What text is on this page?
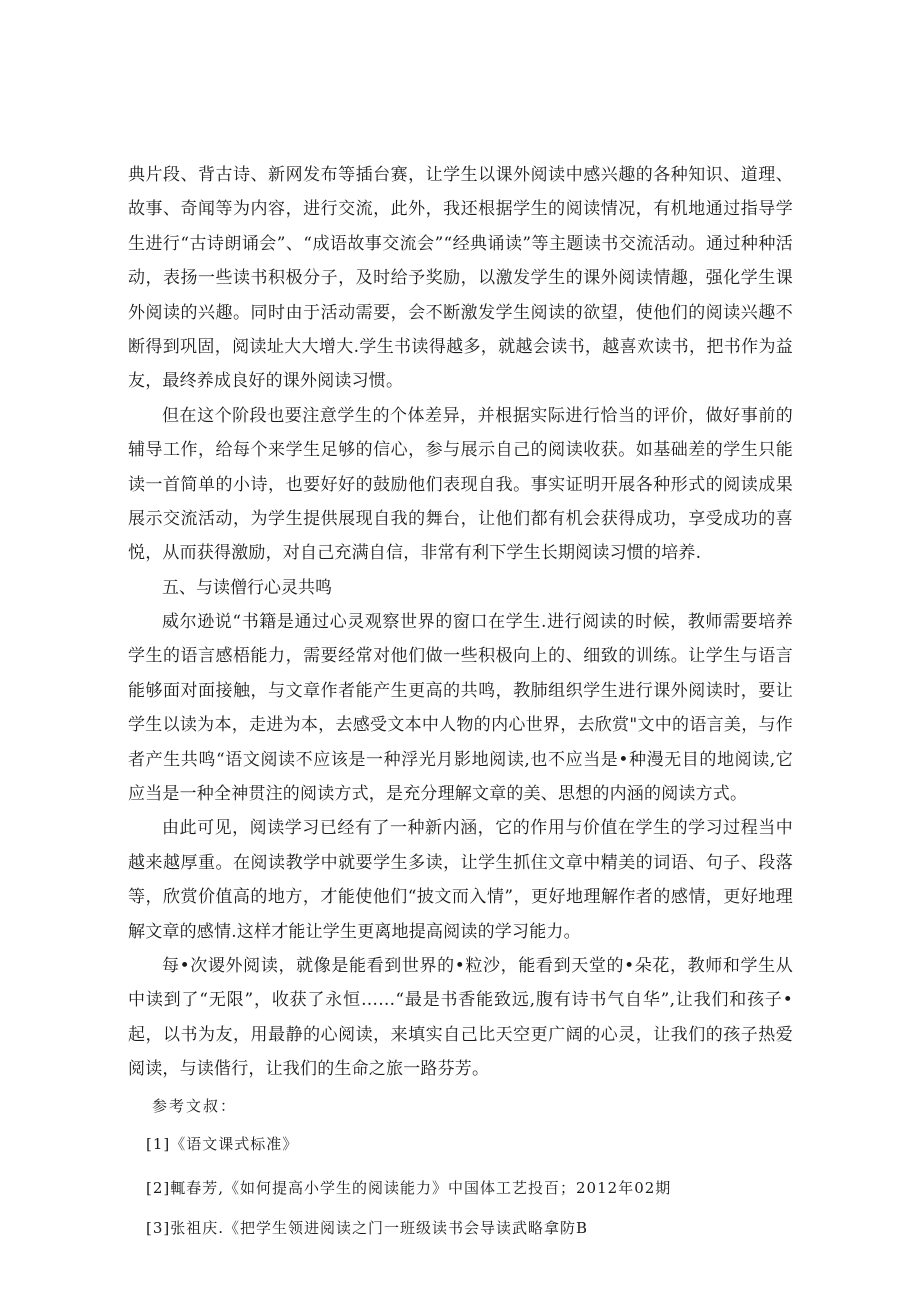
典片段、背古诗、新网发布等插台赛，让学生以课外阅读中感兴趣的各种知识、道理、故事、奇闻等为内容，进行交流，此外，我还根据学生的阅读情况，有机地通过指导学生进行“古诗朗诵会”、“成语故事交流会”“经典诵读”等主题读书交流活动。通过种种活动，表扬一些读书积极分子，及时给予奖励，以激发学生的课外阅读情趣，强化学生课外阅读的兴趣。同时由于活动需要，会不断激发学生阅读的欲望，使他们的阅读兴趣不断得到巩固，阅读址大大增大.学生书读得越多，就越会读书，越喜欢读书，把书作为益友，最终养成良好的课外阅读习惯。

但在这个阶段也要注意学生的个体差异，并根据实际进行恰当的评价，做好事前的辅导工作，给每个来学生足够的信心，参与展示自己的阅读收获。如基础差的学生只能读一首简单的小诗，也要好好的鼓励他们表现自我。事实证明开展各种形式的阅读成果展示交流活动，为学生提供展现自我的舞台，让他们都有机会获得成功，享受成功的喜悦，从而获得激励，对自己充满自信，非常有利下学生长期阅读习惯的培养.

五、与读僧行心灵共鸣

威尔逊说“书籍是通过心灵观察世界的窗口在学生.进行阅读的时候，教师需要培养学生的语言感梧能力，需要经常对他们做一些积极向上的、细致的训练。让学生与语言能够面对面接触，与文章作者能产生更高的共鸣，教肺组织学生进行课外阅读时，要让学生以读为本，走进为本，去感受文本中人物的内心世界，去欣赏"文中的语言美，与作者产生共鸣“语文阅读不应该是一种浮光月影地阅读,也不应当是•种漫无目的地阅读,它应当是一种全神贯注的阅读方式，是充分理解文章的美、思想的内涵的阅读方式。

由此可见，阅读学习已经有了一种新内涵，它的作用与价值在学生的学习过程当中越来越厚重。在阅读教学中就要学生多读，让学生抓住文章中精美的词语、句子、段落等，欣赏价值高的地方，才能使他们“披文而入情”，更好地理解作者的感情，更好地理解文章的感情.这样才能让学生更离地提高阅读的学习能力。

每•次谡外阅读，就像是能看到世界的•粒沙，能看到天堂的•朵花，教师和学生从中读到了“无限”，收获了永恒……“最是书香能致远,腹有诗书气自华”,让我们和孩子•起，以书为友，用最静的心阅读，来填实自己比天空更广阔的心灵，让我们的孩子热爱阅读，与读偕行，让我们的生命之旅一路芬芳。

参考文叔：

[1]《语文课式标准》

[2]輒春芳,《如何提高小学生的阅读能力》中国体工艺投百；2012年02期

[3]张祖庆.《把学生领进阅读之门一班级读书会导读武略拿防B
